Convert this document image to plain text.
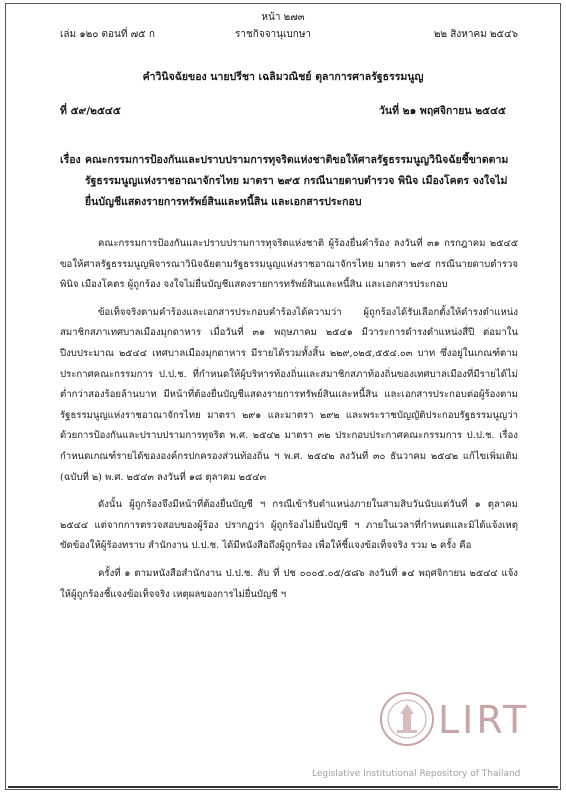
หน้า ๒๗๓
เล่ม ๑๒๐ ตอนที่ ๗๕ ก	ราชกิจจานุเบกษา	๒๒ สิงหาคม ๒๕๔๖
คำวินิจฉัยของ นายปรีชา เฉลิมวณิชย์ ตุลาการศาลรัฐธรรมนูญ
ที่ ๕๙/๒๕๔๕	วันที่ ๒๑ พฤศจิกายน ๒๕๔๕
เรื่อง คณะกรรมการป้องกันและปราบปรามการทุจริตแห่งชาติขอให้ศาลรัฐธรรมนูญวินิจฉัยชี้ขาดตามรัฐธรรมนูญแห่งราชอาณาจักรไทย มาตรา ๒๙๕ กรณีนายดาบตำรวจ พินิจ เมืองโคตร จงใจไม่ยื่นบัญชีแสดงรายการทรัพย์สินและหนี้สิน และเอกสารประกอบ

คณะกรรมการป้องกันและปราบปรามการทุจริตแห่งชาติ ผู้ร้องยื่นคำร้อง ลงวันที่ ๓๑ กรกฎาคม ๒๕๔๕ ขอให้ศาลรัฐธรรมนูญพิจารณาวินิจฉัยตามรัฐธรรมนูญแห่งราชอาณาจักรไทย มาตรา ๒๙๕ กรณีนายดาบตำรวจ พินิจ เมืองโคตร ผู้ถูกร้อง จงใจไม่ยื่นบัญชีแสดงรายการทรัพย์สินและหนี้สิน และเอกสารประกอบ

ข้อเท็จจริงตามคำร้องและเอกสารประกอบคำร้องได้ความว่า ผู้ถูกร้องได้รับเลือกตั้งให้ดำรงตำแหน่งสมาชิกสภาเทศบาลเมืองมุกดาหาร เมื่อวันที่ ๓๑ พฤษภาคม ๒๕๔๑ มีวาระการดำรงตำแหน่งสี่ปี ต่อมาในปีงบประมาณ ๒๕๔๔ เทศบาลเมืองมุกดาหาร มีรายได้รวมทั้งสิ้น ๒๒๙,๐๒๕,๕๕๔.๐๓ บาท ซึ่งอยู่ในเกณฑ์ตามประกาศคณะกรรมการ ป.ป.ช. ที่กำหนดให้ผู้บริหารท้องถิ่นและสมาชิกสภาท้องถิ่นของเทศบาลเมืองที่มีรายได้ไม่ต่ำกว่าสองร้อยล้านบาท มีหน้าที่ต้องยื่นบัญชีแสดงรายการทรัพย์สินและหนี้สิน และเอกสารประกอบต่อผู้ร้องตามรัฐธรรมนูญแห่งราชอาณาจักรไทย มาตรา ๒๙๑ และมาตรา ๒๙๒ และพระราชบัญญัติประกอบรัฐธรรมนูญว่าด้วยการป้องกันและปราบปรามการทุจริต พ.ศ. ๒๕๔๒ มาตรา ๓๒ ประกอบประกาศคณะกรรมการ ป.ป.ช. เรื่อง กำหนดเกณฑ์รายได้ขององค์กรปกครองส่วนท้องถิ่น ฯ พ.ศ. ๒๕๔๒ ลงวันที่ ๓๐ ธันวาคม ๒๕๔๒ แก้ไขเพิ่มเติม (ฉบับที่ ๒) พ.ศ. ๒๕๔๓ ลงวันที่ ๑๘ ตุลาคม ๒๕๔๓

ดังนั้น ผู้ถูกร้องจึงมีหน้าที่ต้องยื่นบัญชี ฯ กรณีเข้ารับตำแหน่งภายในสามสิบวันนับแต่วันที่ ๑ ตุลาคม ๒๕๔๔ แต่จากการตรวจสอบของผู้ร้อง ปรากฏว่า ผู้ถูกร้องไม่ยื่นบัญชี ฯ ภายในเวลาที่กำหนดและมิได้แจ้งเหตุขัดข้องให้ผู้ร้องทราบ สำนักงาน ป.ป.ช. ได้มีหนังสือถึงผู้ถูกร้อง เพื่อให้ชี้แจงข้อเท็จจริง รวม ๒ ครั้ง คือ

ครั้งที่ ๑ ตามหนังสือสำนักงาน ป.ป.ช. ลับ ที่ ปช ๐๐๐๕.๐๕/๕๘๖ ลงวันที่ ๑๔ พฤศจิกายน ๒๕๔๔ แจ้งให้ผู้ถูกร้องชี้แจงข้อเท็จจริง เหตุผลของการไม่ยื่นบัญชี ฯ

LIRT
Legislative Institutional Repository of Thailand
